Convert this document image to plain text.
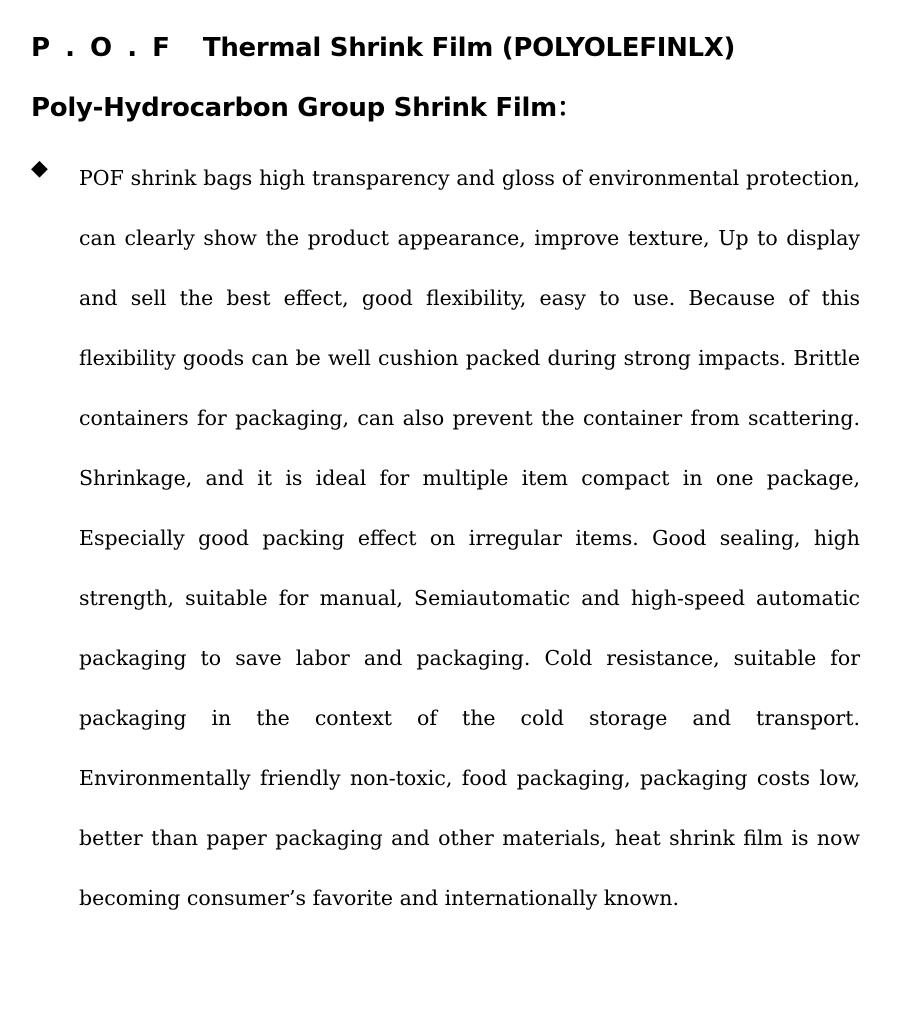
P . O . F Thermal Shrink Film (POLYOLEFINLX)
Poly-Hydrocarbon Group Shrink Film：
◆ POF shrink bags high transparency and gloss of environmental protection, can clearly show the product appearance, improve texture, Up to display and sell the best effect, good flexibility, easy to use. Because of this flexibility goods can be well cushion packed during strong impacts. Brittle containers for packaging, can also prevent the container from scattering. Shrinkage, and it is ideal for multiple item compact in one package, Especially good packing effect on irregular items. Good sealing, high strength, suitable for manual, Semiautomatic and high-speed automatic packaging to save labor and packaging. Cold resistance, suitable for packaging in the context of the cold storage and transport. Environmentally friendly non-toxic, food packaging, packaging costs low, better than paper packaging and other materials, heat shrink film is now becoming consumer’s favorite and internationally known.
